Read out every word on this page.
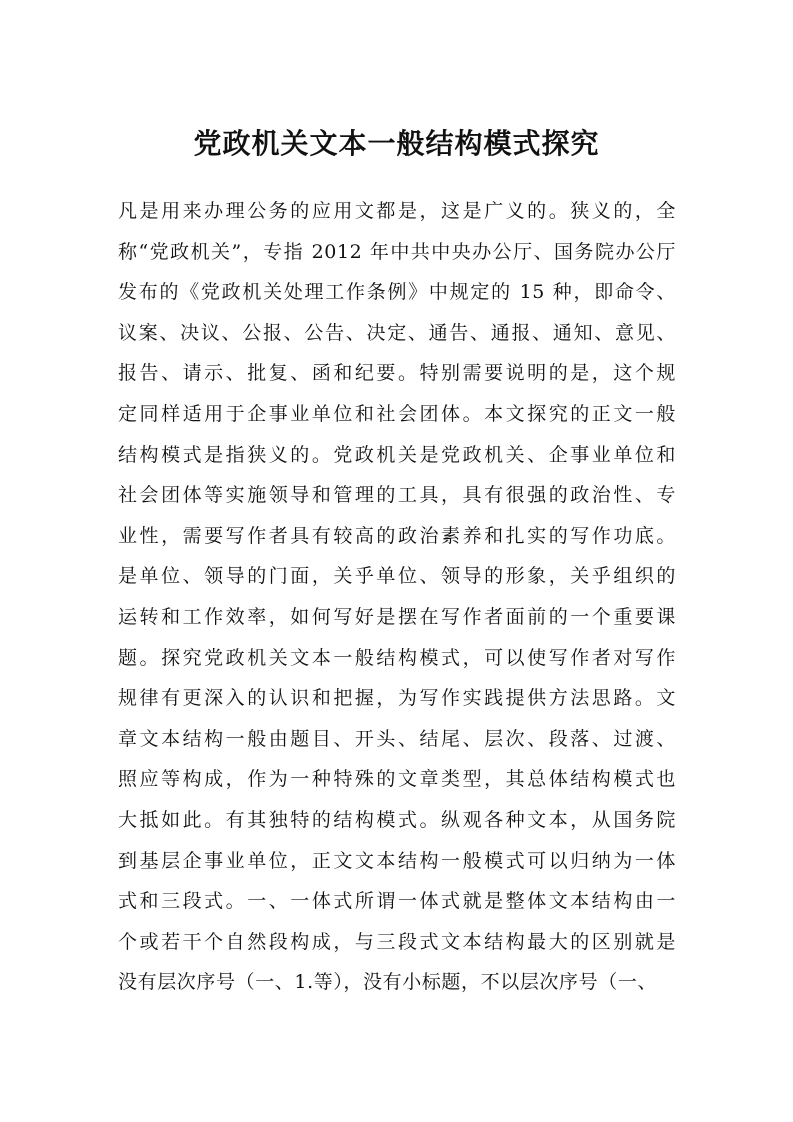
党政机关文本一般结构模式探究
凡是用来办理公务的应用文都是，这是广义的。狭义的，全
称“党政机关”，专指 2012 年中共中央办公厅、国务院办公厅
发布的《党政机关处理工作条例》中规定的 15 种，即命令、
议案、决议、公报、公告、决定、通告、通报、通知、意见、
报告、请示、批复、函和纪要。特别需要说明的是，这个规
定同样适用于企事业单位和社会团体。本文探究的正文一般
结构模式是指狭义的。党政机关是党政机关、企事业单位和
社会团体等实施领导和管理的工具，具有很强的政治性、专
业性，需要写作者具有较高的政治素养和扎实的写作功底。
是单位、领导的门面，关乎单位、领导的形象，关乎组织的
运转和工作效率，如何写好是摆在写作者面前的一个重要课
题。探究党政机关文本一般结构模式，可以使写作者对写作
规律有更深入的认识和把握，为写作实践提供方法思路。文
章文本结构一般由题目、开头、结尾、层次、段落、过渡、
照应等构成，作为一种特殊的文章类型，其总体结构模式也
大抵如此。有其独特的结构模式。纵观各种文本，从国务院
到基层企事业单位，正文文本结构一般模式可以归纳为一体
式和三段式。一、一体式所谓一体式就是整体文本结构由一
个或若干个自然段构成，与三段式文本结构最大的区别就是
没有层次序号（一、1.等），没有小标题，不以层次序号（一、
